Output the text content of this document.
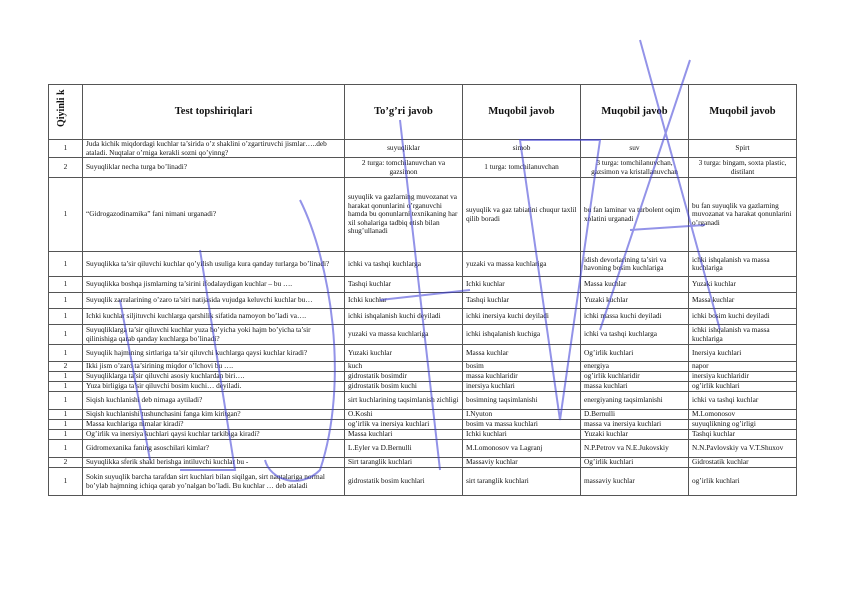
Qiyinli k	Test topshiriqlari	To’g’ri javob	Muqobil javob	Muqobil javob	Muqobil javob
1	Juda kichik miqdordagi kuchlar ta’sirida o’z shaklini o’zgartiruvchi jismlar…..deb ataladi. Nuqtalar o’rniga kerakli sozni qo’yinng?	suyuqliklar	simob	suv	Spirt
2	Suyuqliklar necha turga bo’linadi?	2 turga: tomchilanuvchan va gazsimon	1 turga: tomchilanuvchan	3 turga: tomchilanuvchan, gazsimon va kristallanuvchan	3 turga: bingam, soxta plastic, distilant
1	“Gidrogazodinamika” fani nimani urganadi?	suyuqlik va gazlarning muvozanat va harakat qonunlarini o’rganuvchi hamda bu qonunlarni texnikaning har xil sohalariga tadbiq etish bilan shug’ullanadi	suyuqlik va gaz tabiatini chuqur taxlil qilib boradi	bu fan laminar va turbolent oqim xolatini urganadi	bu fan suyuqlik va gazlarning muvozanat va harakat qonunlarini o’rganadi
1	Suyuqlikka ta’sir qiluvchi kuchlar qo’yilish usuliga kura qanday turlarga bo’linadi?	ichki va tashqi kuchlarga	yuzaki va massa kuchlariga	idish devorlarining ta’siri va havoning bosim kuchlariga	ichki ishqalanish va massa kuchlariga
1	Suyuqlikka boshqa jismlarning ta’sirini ifodalaydigan kuchlar – bu ….	Tashqi kuchlar	Ichki kuchlar	Massa kuchlar	Yuzaki kuchlar
1	Suyuqlik zarralarining o’zaro ta’siri natijasida vujudga keluvchi kuchlar bu…	Ichki kuchlar	Tashqi kuchlar	Yuzaki kuchlar	Massa kuchlar
1	Ichki kuchlar siljituvchi kuchlarga qarshilik sifatida namoyon bo’ladi va….	ichki ishqalanish kuchi deyiladi	ichki inersiya kuchi deyiladi	ichki massa kuchi deyiladi	ichki bosim kuchi deyiladi
1	Suyuqliklarga ta’sir qiluvchi kuchlar yuza bo’yicha yoki hajm bo’yicha ta’sir qilinishiga qarab qanday kuchlarga bo’linadi?	yuzaki va massa kuchlariga	ichki ishqalanish kuchiga	ichki va tashqi kuchlarga	ichki ishqalanish va massa kuchlariga
1	Suyuqlik hajmining sirtlariga ta’sir qiluvchi kuchlarga qaysi kuchlar kiradi?	Yuzaki kuchlar	Massa kuchlar	Og’irlik kuchlari	Inersiya kuchlari
2	Ikki jism o’zaro ta’sirining miqdor o’lchovi bu ….	kuch	bosim	energiya	napor
1	Suyuqliklarga ta’sir qiluvchi asosiy kuchlardan biri….	gidrostatik bosimdir	massa kuchlaridir	og’irlik kuchlaridir	inersiya kuchlaridir
1	Yuza birligiga ta’sir qiluvchi bosim kuchi… deyiladi.	gidrostatik bosim kuchi	inersiya kuchlari	massa kuchlari	og’irlik kuchlari
1	Siqish kuchlanishi deb nimaga aytiladi?	sirt kuchlarining taqsimlanish zichligi	bosimning taqsimlanishi	energiyaning taqsimlanishi	ichki va tashqi kuchlar
1	Siqish kuchlanishi tushunchasini fanga kim kiritgan?	O.Koshi	I.Nyuton	D.Bernulli	M.Lomonosov
1	Massa kuchlariga nimalar kiradi?	og’irlik va inersiya kuchlari	bosim va massa kuchlari	massa va inersiya kuchlari	suyuqlikning og’irligi
1	Og’irlik va inersiya kuchlari qaysi kuchlar tarkibiga kiradi?	Massa kuchlari	Ichki kuchlari	Yuzaki kuchlar	Tashqi kuchlar
1	Gidromexanika faning asoschilari kimlar?	L.Eyler va D.Bernulli	M.Lomonosov va Lagranj	N.P.Petrov va N.E.Jukovskiy	N.N.Pavlovskiy va V.T.Shuxov
2	Suyuqlikka sferik shakl berishga intiluvchi kuchlar bu -	Sirt taranglik kuchlari	Massaviy kuchlar	Og’irlik kuchlari	Gidrostatik kuchlar
1	Sokin suyuqlik barcha tarafdan sirt kuchlari bilan siqilgan, sirt naqtalariga normal bo’ylab hajmning ichiqa qarab yo’nalgan bo’ladi. Bu kuchlar … deb ataladi	gidrostatik bosim kuchlari	sirt taranglik kuchlari	massaviy kuchlar	og’irlik kuchlari
